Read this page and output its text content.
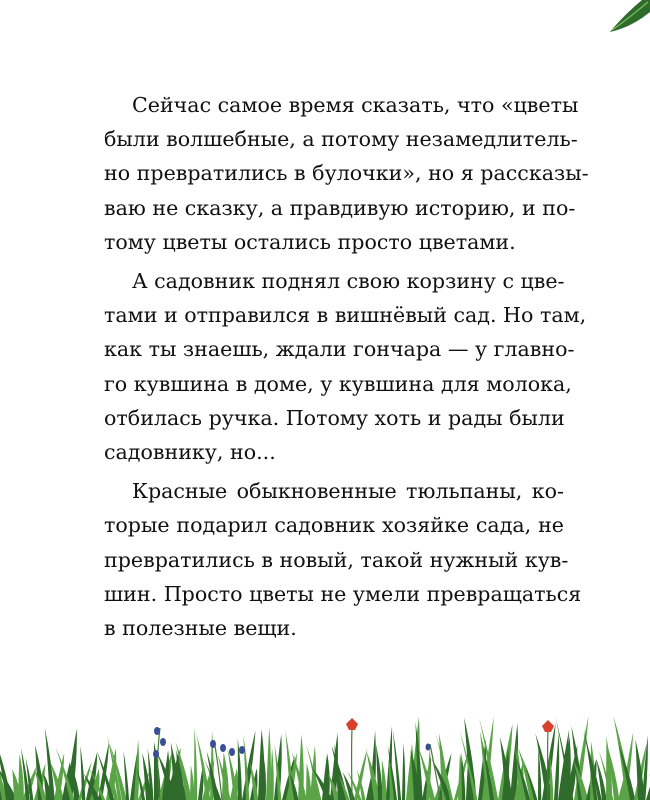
Сейчас самое время сказать, что «цветы
были волшебные, а потому незамедлитель-
но превратились в булочки», но я рассказы-
ваю не сказку, а правдивую историю, и по-
тому цветы остались просто цветами.

А садовник поднял свою корзину с цве-
тами и отправился в вишнёвый сад. Но там,
как ты знаешь, ждали гончара — у главно-
го кувшина в доме, у кувшина для молока,
отбилась ручка. Потому хоть и рады были
садовнику, но...

Красные обыкновенные тюльпаны, ко-
торые подарил садовник хозяйке сада, не
превратились в новый, такой нужный кув-
шин. Просто цветы не умели превращаться
в полезные вещи.
